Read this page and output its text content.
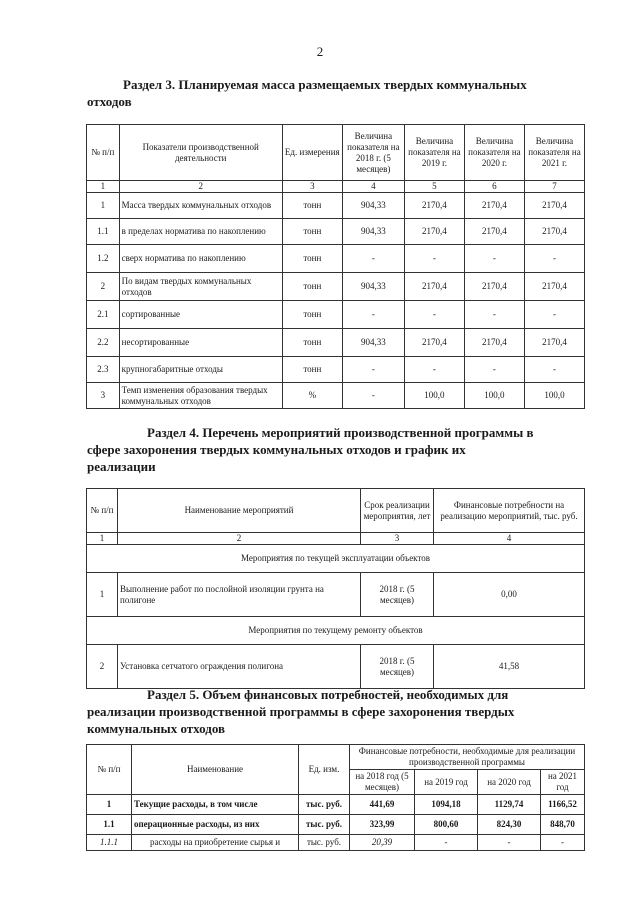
2
Раздел 3. Планируемая масса размещаемых твердых коммунальных
отходов
№ п/п	Показатели производственной деятельности	Ед. измерения	Величина показателя на 2018 г. (5 месяцев)	Величина показателя на 2019 г.	Величина показателя на 2020 г.	Величина показателя на 2021 г.
1	2	3	4	5	6	7
1	Масса твердых коммунальных отходов	тонн	904,33	2170,4	2170,4	2170,4
1.1	в пределах норматива по накоплению	тонн	904,33	2170,4	2170,4	2170,4
1.2	сверх норматива по накоплению	тонн	-	-	-	-
2	По видам твердых коммунальных отходов	тонн	904,33	2170,4	2170,4	2170,4
2.1	сортированные	тонн	-	-	-	-
2.2	несортированные	тонн	904,33	2170,4	2170,4	2170,4
2.3	крупногабаритные отходы	тонн	-	-	-	-
3	Темп изменения образования твердых коммунальных отходов	%	-	100,0	100,0	100,0
Раздел 4. Перечень мероприятий производственной программы в
сфере захоронения твердых коммунальных отходов и график их
реализации
№ п/п	Наименование мероприятий	Срок реализации мероприятия, лет	Финансовые потребности на реализацию мероприятий, тыс. руб.
1	2	3	4
Мероприятия по текущей эксплуатации объектов			
1	Выполнение работ по послойной изоляции грунта на полигоне	2018 г. (5 месяцев)	0,00
Мероприятия по текущему ремонту объектов			
2	Установка сетчатого ограждения полигона	2018 г. (5 месяцев)	41,58
Раздел 5. Объем финансовых потребностей, необходимых для
реализации производственной программы в сфере захоронения твердых
коммунальных отходов
№ п/п	Наименование	Ед. изм.	Финансовые потребности, необходимые для реализации производственной программы			
			на 2018 год (5 месяцев)	на 2019 год	на 2020 год	на 2021 год
1	Текущие расходы, в том числе	тыс. руб.	441,69	1094,18	1129,74	1166,52
1.1	операционные расходы, из них	тыс. руб.	323,99	800,60	824,30	848,70
1.1.1	расходы на приобретение сырья и	тыс. руб.	20,39	-	-	-
